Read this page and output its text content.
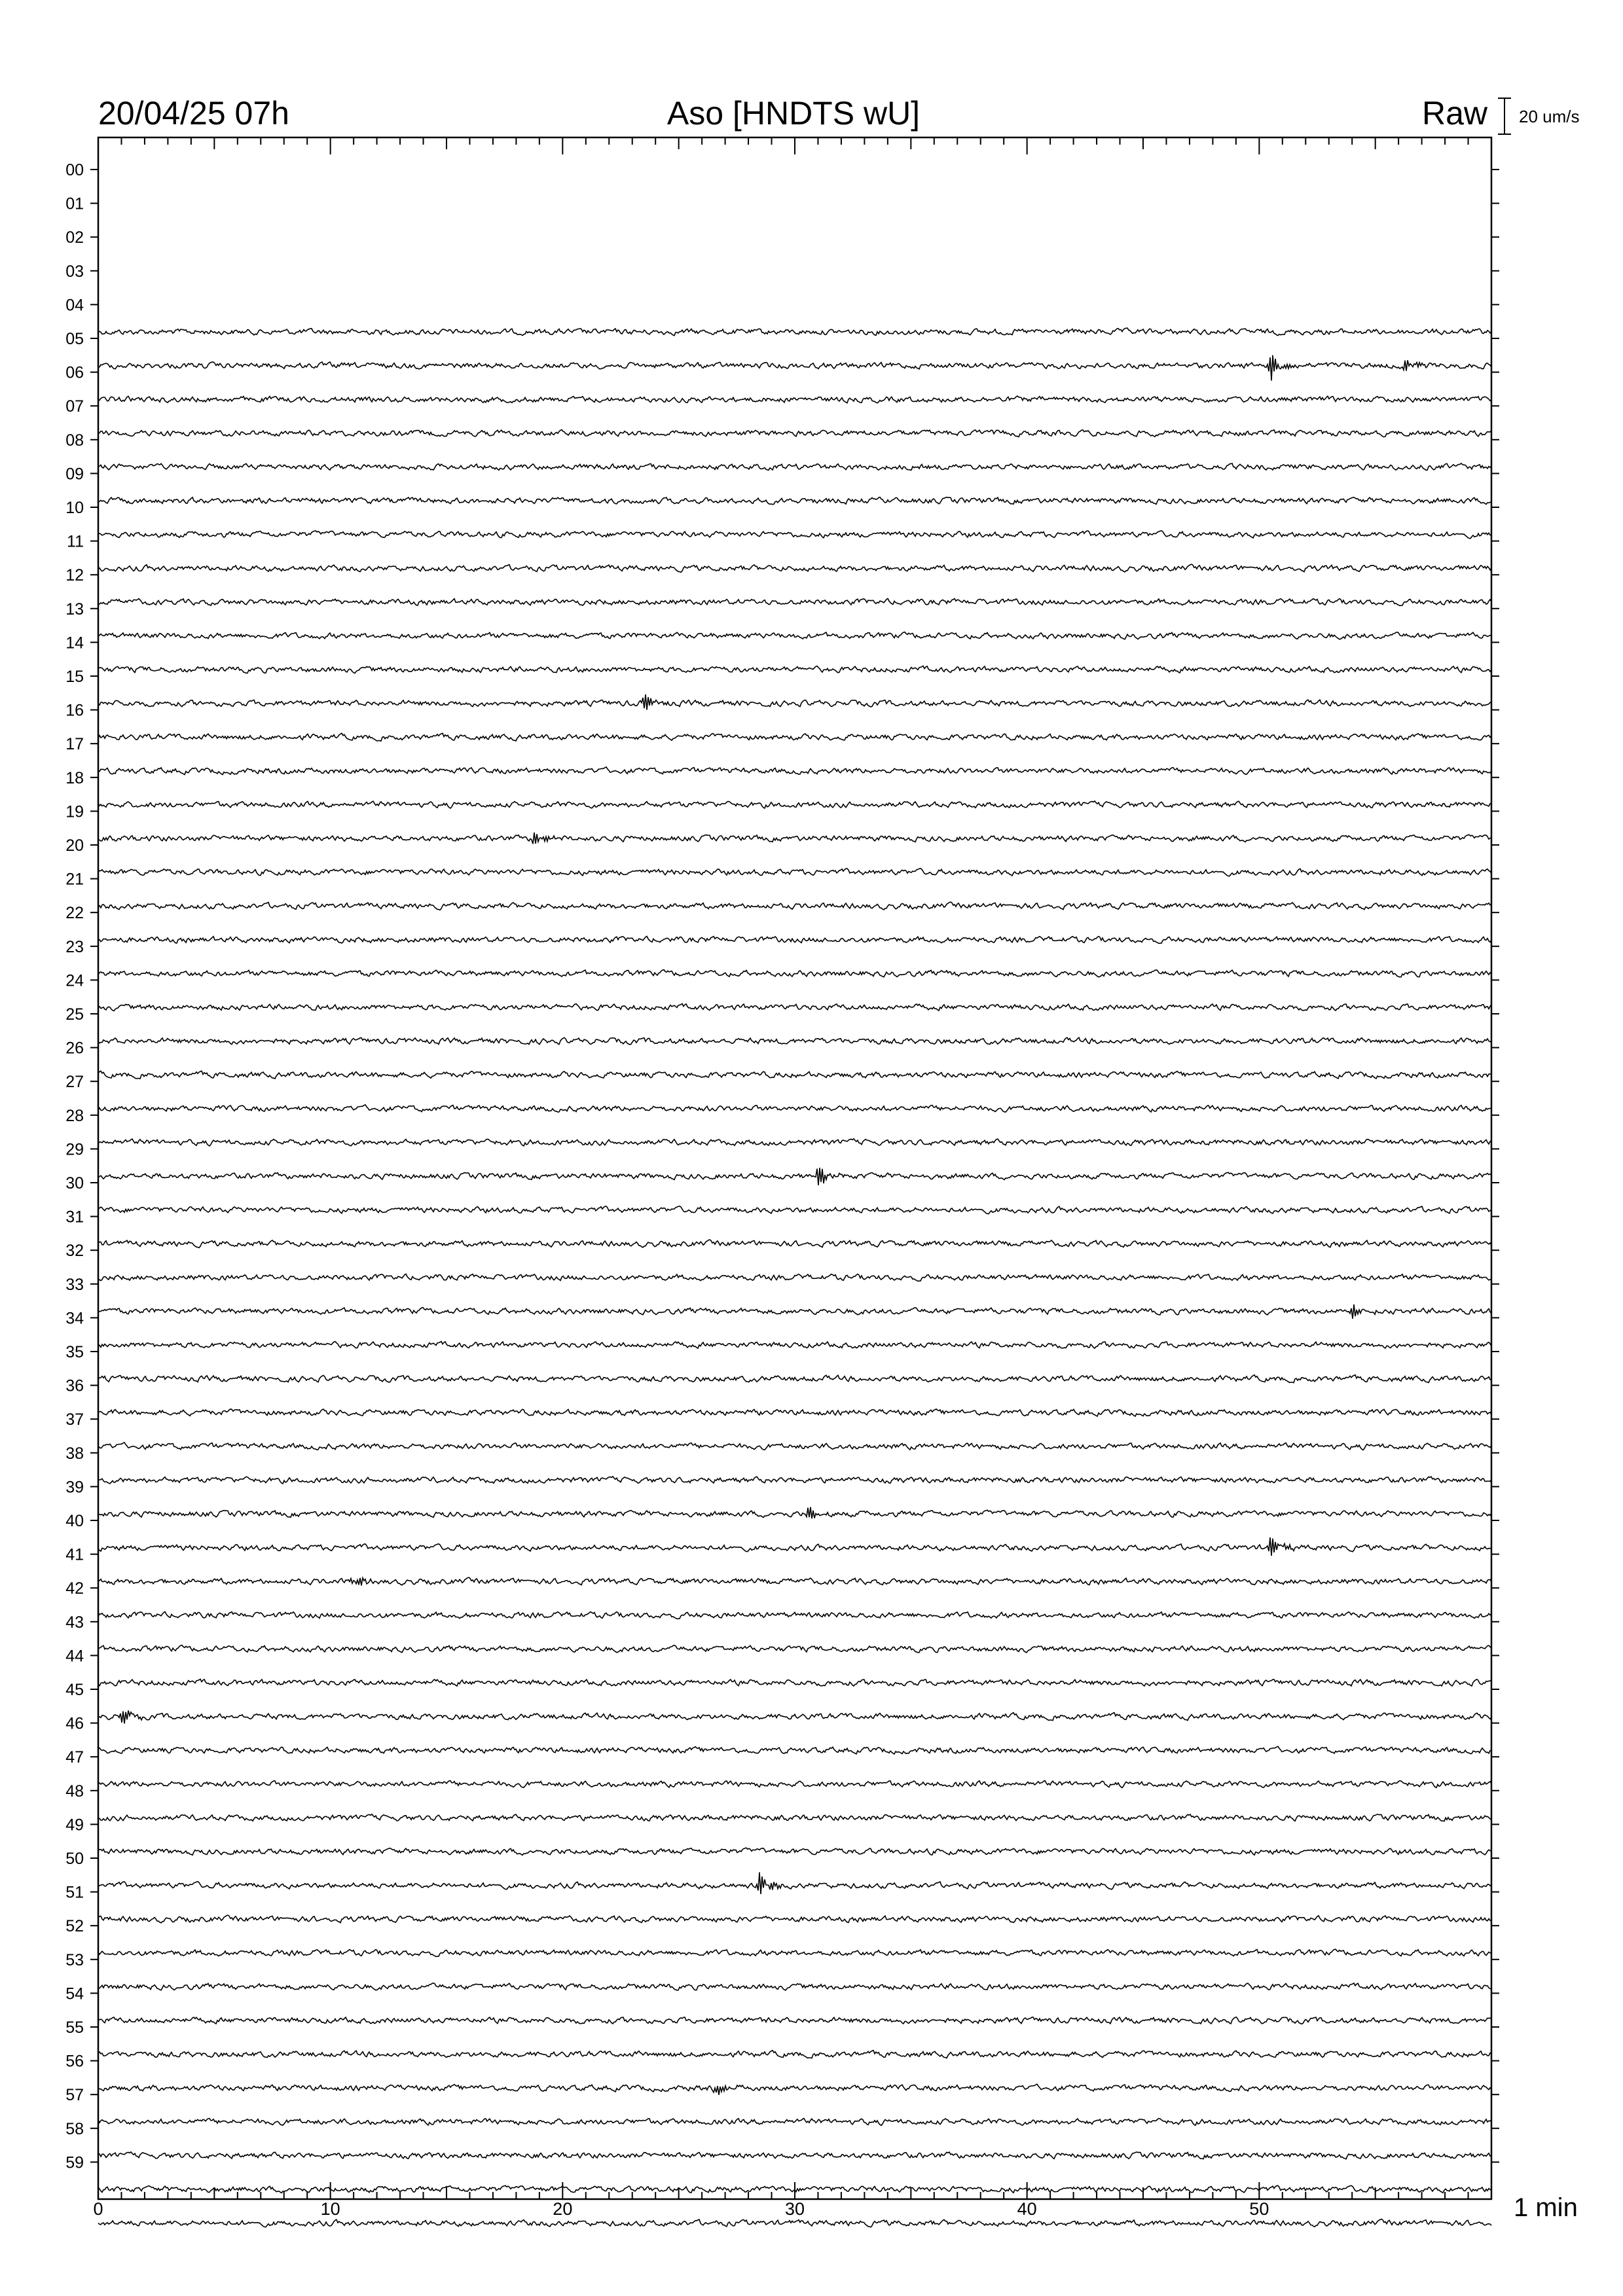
20/04/25 07h	Aso [HNDTS wU]	Raw 20 um/s
00
01
02
03
04
05
06
07
08
09
10
11
12
13
14
15
16
17
18
19
20
21
22
23
24
25
26
27
28
29
30
31
32
33
34
35
36
37
38
39
40
41
42
43
44
45
46
47
48
49
50
51
52
53
54
55
56
57
58
59
0	10	20	30	40	50	1 min
